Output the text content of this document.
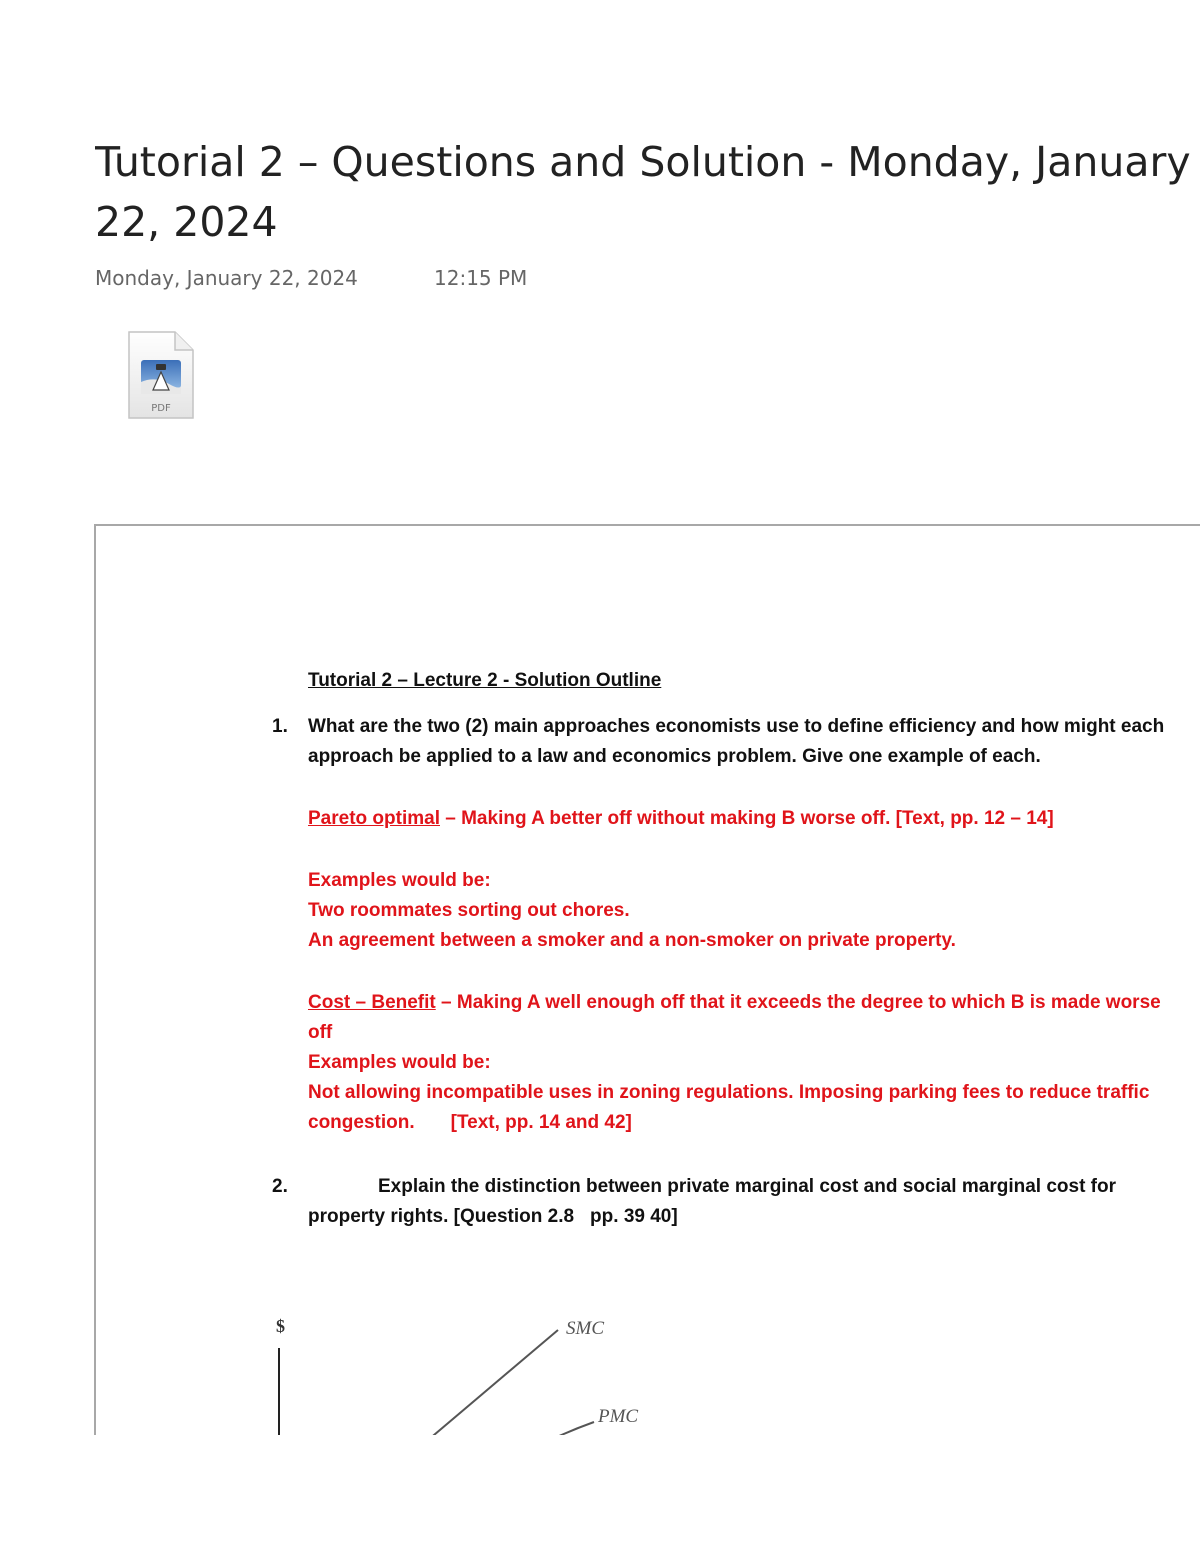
Tutorial 2 – Questions and Solution - Monday, January
22, 2024
Monday, January 22, 2024	12:15 PM
PDF

Tutorial 2 – Lecture 2 - Solution Outline

1. What are the two (2) main approaches economists use to define efficiency and how might each approach be applied to a law and economics problem. Give one example of each.

Pareto optimal – Making A better off without making B worse off. [Text, pp. 12 – 14]

Examples would be:

Two roommates sorting out chores.

An agreement between a smoker and a non-smoker on private property.

Cost – Benefit – Making A well enough off that it exceeds the degree to which B is made worse off

Examples would be:

Not allowing incompatible uses in zoning regulations. Imposing parking fees to reduce traffic congestion. [Text, pp. 14 and 42]

2.	Explain the distinction between private marginal cost and social marginal cost for

property rights. [Question 2.8 pp. 39 40]

$	SMC
PMC
